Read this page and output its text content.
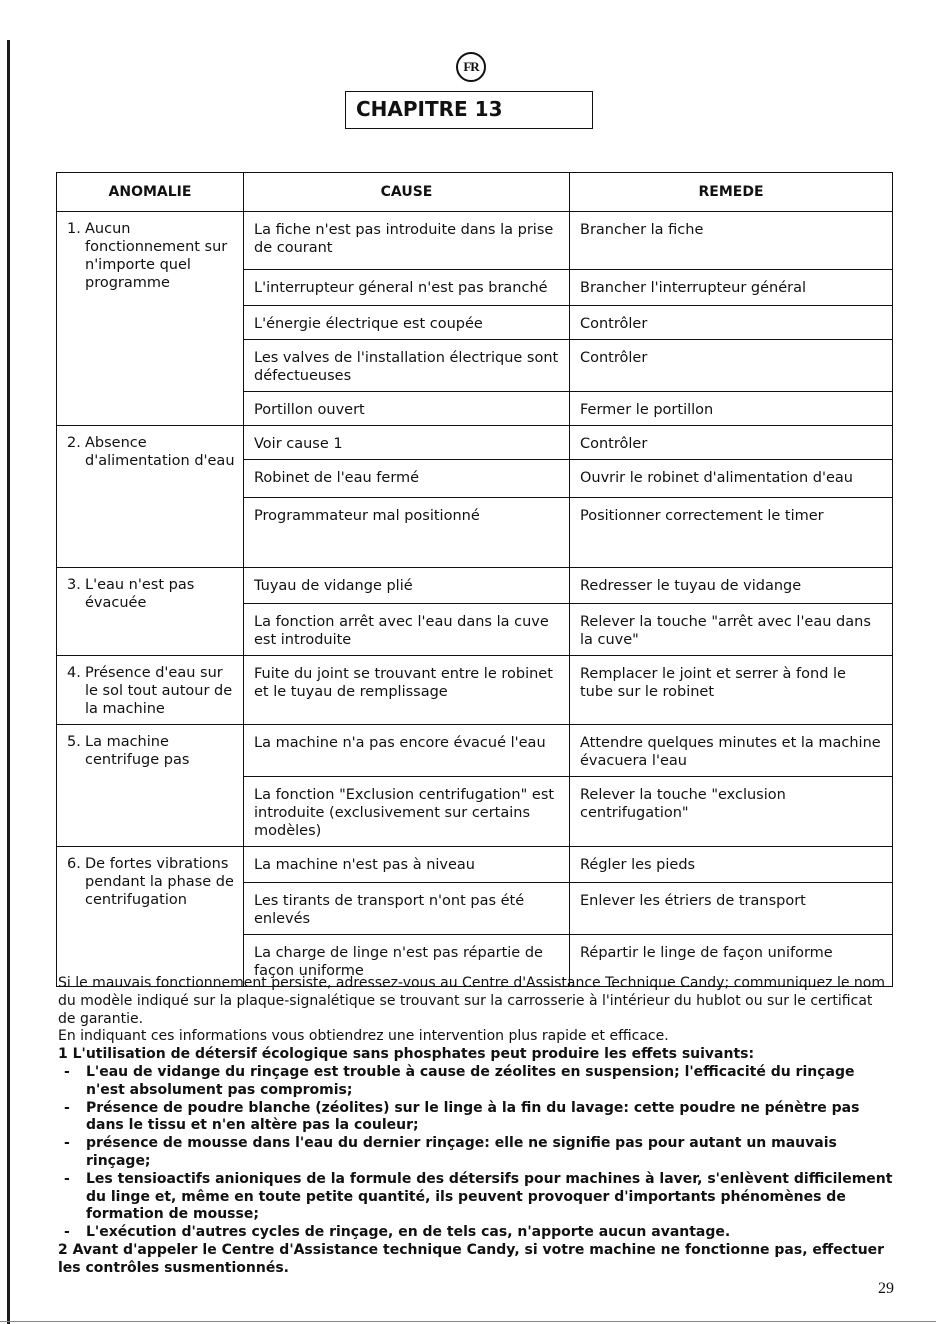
FR
CHAPITRE 13
ANOMALIE	CAUSE	REMEDE

1. Aucun fonctionnement sur n'importe quel programme	La fiche n'est pas introduite dans la prise de courant	Brancher la fiche
	L'interrupteur géneral n'est pas branché	Brancher l'interrupteur général
	L'énergie électrique est coupée	Contrôler
	Les valves de l'installation électrique sont défectueuses	Contrôler
	Portillon ouvert	Fermer le portillon

2. Absence d'alimentation d'eau	Voir cause 1	Contrôler
	Robinet de l'eau fermé	Ouvrir le robinet d'alimentation d'eau
	Programmateur mal positionné	Positionner correctement le timer

3. L'eau n'est pas évacuée	Tuyau de vidange plié	Redresser le tuyau de vidange
	La fonction arrêt avec l'eau dans la cuve est introduite	Relever la touche "arrêt avec l'eau dans la cuve"

4. Présence d'eau sur le sol tout autour de la machine	Fuite du joint se trouvant entre le robinet et le tuyau de remplissage	Remplacer le joint et serrer à fond le tube sur le robinet

5. La machine centrifuge pas	La machine n'a pas encore évacué l'eau	Attendre quelques minutes et la machine évacuera l'eau
	La fonction "Exclusion centrifugation" est introduite (exclusivement sur certains modèles)	Relever la touche "exclusion centrifugation"

6. De fortes vibrations pendant la phase de centrifugation	La machine n'est pas à niveau	Régler les pieds
	Les tirants de transport n'ont pas été enlevés	Enlever les étriers de transport
	La charge de linge n'est pas répartie de façon uniforme	Répartir le linge de façon uniforme

Si le mauvais fonctionnement persiste, adressez-vous au Centre d'Assistance Technique Candy; communiquez le nom du modèle indiqué sur la plaque-signalétique se trouvant sur la carrosserie à l'intérieur du hublot ou sur le certificat de garantie.

En indiquant ces informations vous obtiendrez une intervention plus rapide et efficace.

1 L'utilisation de détersif écologique sans phosphates peut produire les effets suivants:

- L'eau de vidange du rinçage est trouble à cause de zéolites en suspension; l'efficacité du rinçage n'est absolument pas compromis;
- Présence de poudre blanche (zéolites) sur le linge à la fin du lavage: cette poudre ne pénètre pas dans le tissu et n'en altère pas la couleur;
- présence de mousse dans l'eau du dernier rinçage: elle ne signifie pas pour autant un mauvais rinçage;
- Les tensioactifs anioniques de la formule des détersifs pour machines à laver, s'enlèvent difficilement du linge et, même en toute petite quantité, ils peuvent provoquer d'importants phénomènes de formation de mousse;
- L'exécution d'autres cycles de rinçage, en de tels cas, n'apporte aucun avantage.

2 Avant d'appeler le Centre d'Assistance technique Candy, si votre machine ne fonctionne pas, effectuer les contrôles susmentionnés.

29
